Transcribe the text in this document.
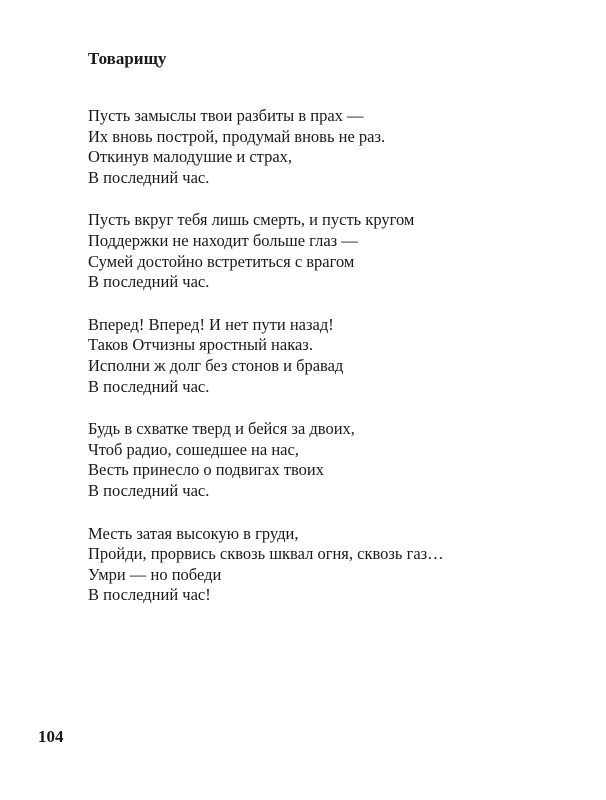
Товарищу
Пусть замыслы твои разбиты в прах —
Их вновь построй, продумай вновь не раз.
Откинув малодушие и страх,
В последний час.
Пусть вкруг тебя лишь смерть, и пусть кругом
Поддержки не находит больше глаз —
Сумей достойно встретиться с врагом
В последний час.
Вперед! Вперед! И нет пути назад!
Таков Отчизны яростный наказ.
Исполни ж долг без стонов и бравад
В последний час.
Будь в схватке тверд и бейся за двоих,
Чтоб радио, сошедшее на нас,
Весть принесло о подвигах твоих
В последний час.
Месть затая высокую в груди,
Пройди, прорвись сквозь шквал огня, сквозь газ…
Умри — но победи
В последний час!
104
